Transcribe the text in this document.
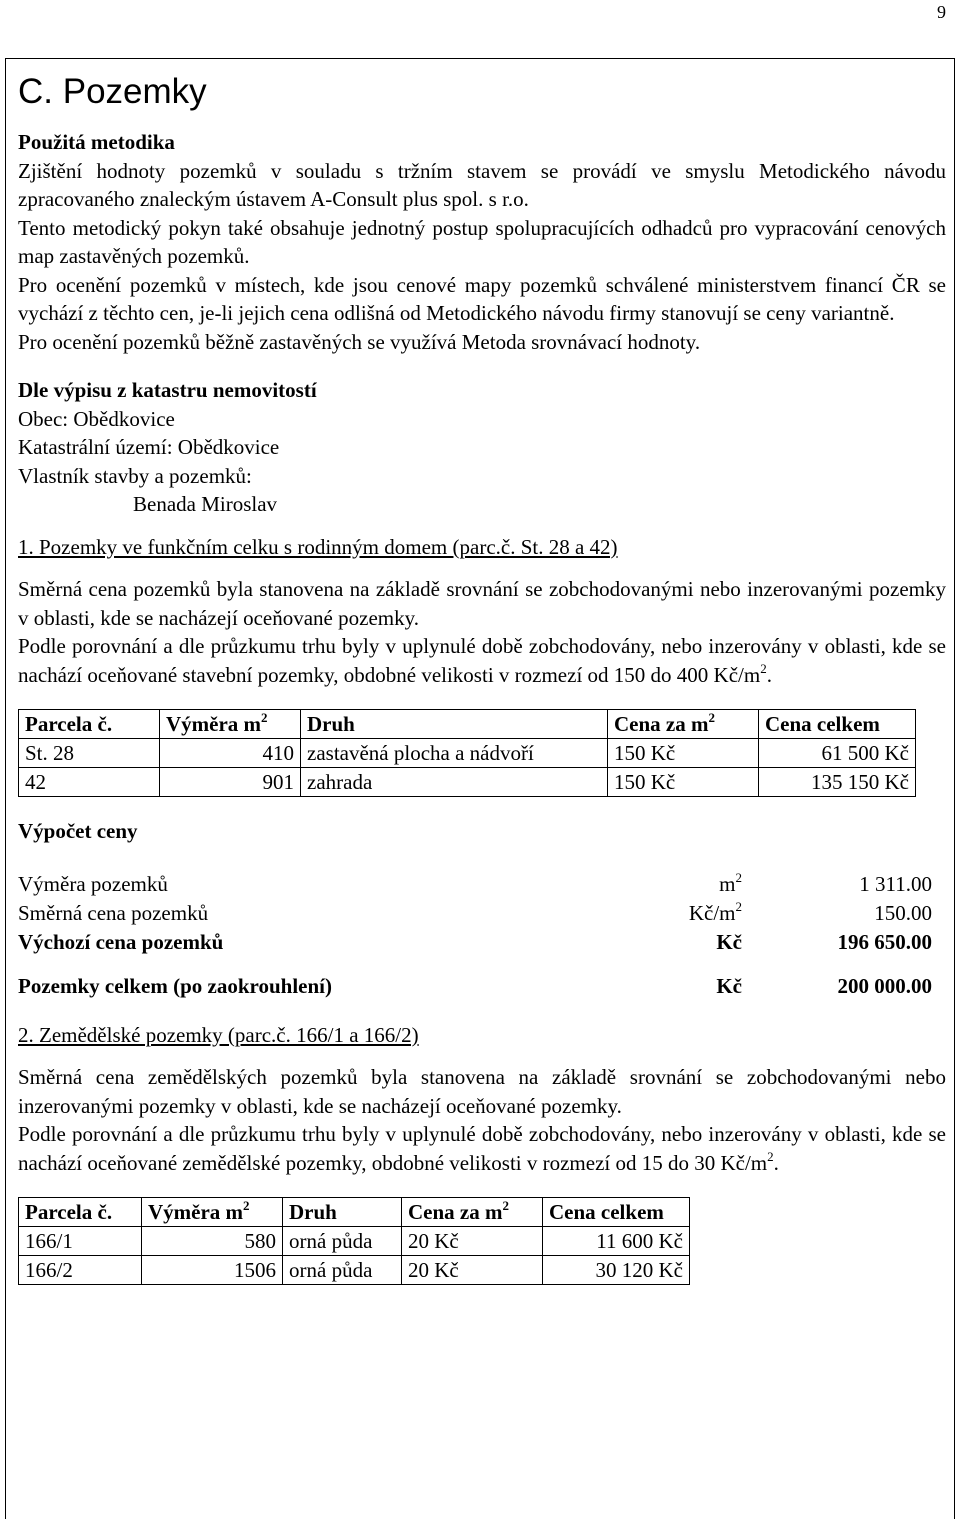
9
C. Pozemky

Použitá metodika

Zjištění hodnoty pozemků v souladu s tržním stavem se provádí ve smyslu Metodického návodu zpracovaného znaleckým ústavem A-Consult plus spol. s r.o.

Tento metodický pokyn také obsahuje jednotný postup spolupracujících odhadců pro vypracování cenových map zastavěných pozemků.

Pro ocenění pozemků v místech, kde jsou cenové mapy pozemků schválené ministerstvem financí ČR se vychází z těchto cen, je-li jejich cena odlišná od Metodického návodu firmy stanovují se ceny variantně.

Pro ocenění pozemků běžně zastavěných se využívá Metoda srovnávací hodnoty.

Dle výpisu z katastru nemovitostí

Obec: Obědkovice

Katastrální území: Obědkovice

Vlastník stavby a pozemků:

Benada Miroslav

1. Pozemky ve funkčním celku s rodinným domem (parc.č. St. 28 a 42)

Směrná cena pozemků byla stanovena na základě srovnání se zobchodovanými nebo inzerovanými pozemky v oblasti, kde se nacházejí oceňované pozemky.

Podle porovnání a dle průzkumu trhu byly v uplynulé době zobchodovány, nebo inzerovány v oblasti, kde se nachází oceňované stavební pozemky, obdobné velikosti v rozmezí od 150 do 400 $Kč/m^2$.

Parcela č.	Výměra $m^2$	Druh	Cena za $m^2$	Cena celkem
St. 28	410	zastavěná plocha a nádvoří	150 Kč	61 500 Kč
42	901	zahrada	150 Kč	135 150 Kč

Výpočet ceny

Výměra pozemků	$m^2$	1 311.00
Směrná cena pozemků	$Kč/m^2$	150.00
Výchozí cena pozemků	Kč	196 650.00

Pozemky celkem (po zaokrouhlení)	Kč	200 000.00

2. Zemědělské pozemky (parc.č. 166/1 a 166/2)

Směrná cena zemědělských pozemků byla stanovena na základě srovnání se zobchodovanými nebo inzerovanými pozemky v oblasti, kde se nacházejí oceňované pozemky.

Podle porovnání a dle průzkumu trhu byly v uplynulé době zobchodovány, nebo inzerovány v oblasti, kde se nachází oceňované zemědělské pozemky, obdobné velikosti v rozmezí od 15 do 30 $Kč/m^2$.

Parcela č.	Výměra $m^2$	Druh	Cena za $m^2$	Cena celkem
166/1	580	orná půda	20 Kč	11 600 Kč
166/2	1506	orná půda	20 Kč	30 120 Kč
